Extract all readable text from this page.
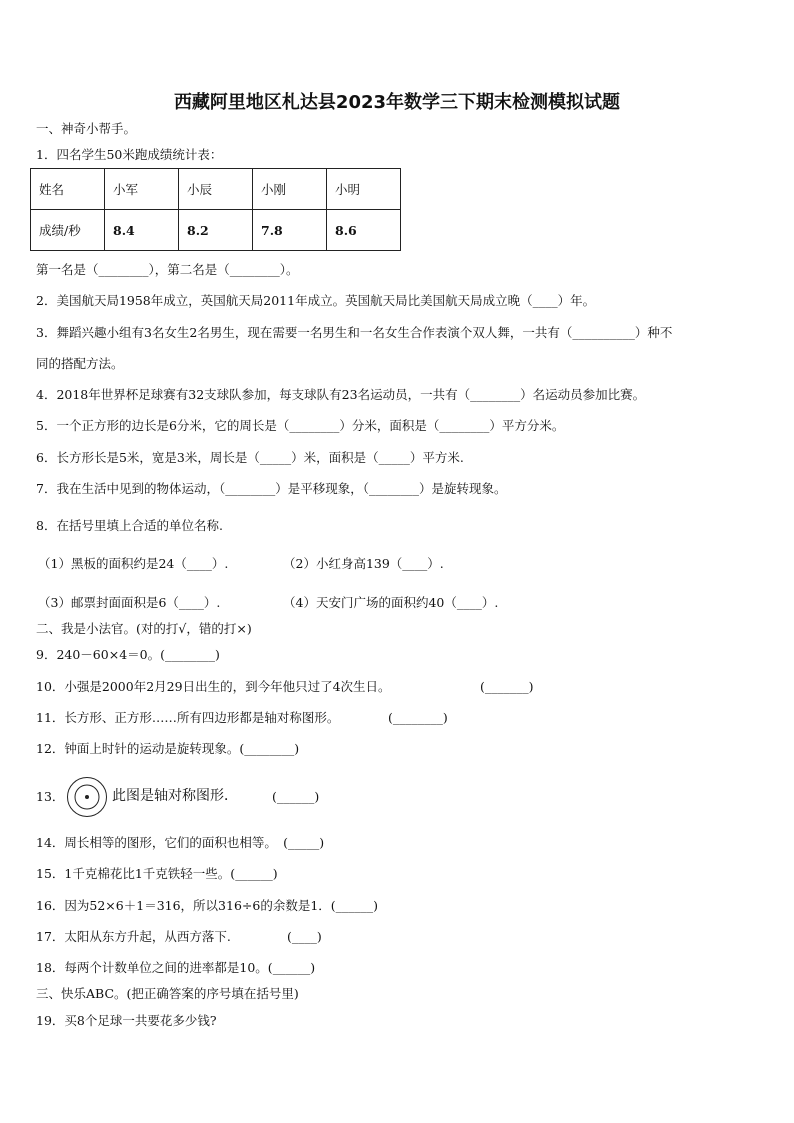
西藏阿里地区札达县2023年数学三下期末检测模拟试题
一、神奇小帮手。
1．四名学生50米跑成绩统计表：
姓名	小军	小辰	小刚	小明
成绩/秒	8.4	8.2	7.8	8.6
第一名是（________），第二名是（________）。
2．美国航天局1958年成立，英国航天局2011年成立。英国航天局比美国航天局成立晚（____）年。
3．舞蹈兴趣小组有3名女生2名男生，现在需要一名男生和一名女生合作表演个双人舞，一共有（__________）种不
同的搭配方法。
4．2018年世界杯足球赛有32支球队参加，每支球队有23名运动员，一共有（________）名运动员参加比赛。
5．一个正方形的边长是6分米，它的周长是（________）分米，面积是（________）平方分米。
6．长方形长是5米，宽是3米，周长是（_____）米，面积是（_____）平方米.
7．我在生活中见到的物体运动，（________）是平移现象，（________）是旋转现象。
8．在括号里填上合适的单位名称.
（1）黑板的面积约是24（____）.	（2）小红身高139（____）.
（3）邮票封面面积是6（____）.	（4）天安门广场的面积约40（____）.
二、我是小法官。(对的打√，错的打×)
9．240－60×4＝0。(________)
10．小强是2000年2月29日出生的，到今年他只过了4次生日。	(_______)
11．长方形、正方形……所有四边形都是轴对称图形。	(________)
12．钟面上时针的运动是旋转现象。(________)
13．	此图是轴对称图形．	(______)
14．周长相等的图形，它们的面积也相等。　(_____)
15．1千克棉花比1千克铁轻一些。(______)
16．因为52×6＋1＝316，所以316÷6的余数是1．(______)
17．太阳从东方升起，从西方落下.	(____)
18．每两个计数单位之间的进率都是10。(______)
三、快乐ABC。(把正确答案的序号填在括号里)
19．买8个足球一共要花多少钱?
